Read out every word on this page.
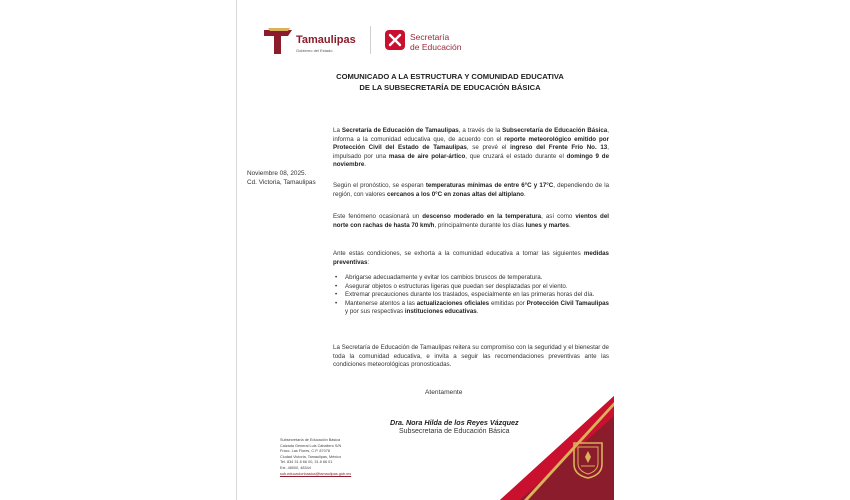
Tamaulipas
Gobierno del Estado
Secretaría
de Educación
COMUNICADO A LA ESTRUCTURA Y COMUNIDAD EDUCATIVA
DE LA SUBSECRETARÍA DE EDUCACIÓN BÁSICA
Noviembre 08, 2025.
Cd. Victoria, Tamaulipas
La Secretaría de Educación de Tamaulipas, a través de la Subsecretaría de Educación Básica, informa a la comunidad educativa que, de acuerdo con el reporte meteorológico emitido por Protección Civil del Estado de Tamaulipas, se prevé el ingreso del Frente Frío No. 13, impulsado por una masa de aire polar-ártico, que cruzará el estado durante el domingo 9 de noviembre.
Según el pronóstico, se esperan temperaturas mínimas de entre 6°C y 17°C, dependiendo de la región, con valores cercanos a los 0°C en zonas altas del altiplano.
Este fenómeno ocasionará un descenso moderado en la temperatura, así como vientos del norte con rachas de hasta 70 km/h, principalmente durante los días lunes y martes.
Ante estas condiciones, se exhorta a la comunidad educativa a tomar las siguientes medidas preventivas:
• Abrigarse adecuadamente y evitar los cambios bruscos de temperatura.
• Asegurar objetos o estructuras ligeras que puedan ser desplazadas por el viento.
• Extremar precauciones durante los traslados, especialmente en las primeras horas del día.
• Mantenerse atentos a las actualizaciones oficiales emitidas por Protección Civil Tamaulipas y por sus respectivas instituciones educativas.
La Secretaría de Educación de Tamaulipas reitera su compromiso con la seguridad y el bienestar de toda la comunidad educativa, e invita a seguir las recomendaciones preventivas ante las condiciones meteorológicas pronosticadas.
Atentamente
Dra. Nora Hilda de los Reyes Vázquez
Subsecretaria de Educación Básica
Subsecretaría de Educación Básica
Calzada General Luis Caballero S/N
Fracc. Las Flores, C.P. 87078
Ciudad Victoria, Tamaulipas, México
Tel. 834 31 8 66 00, 31 8 66 01
Ext. 48000, 48344
sub.educacionbasica@tamaulipas.gob.mx
